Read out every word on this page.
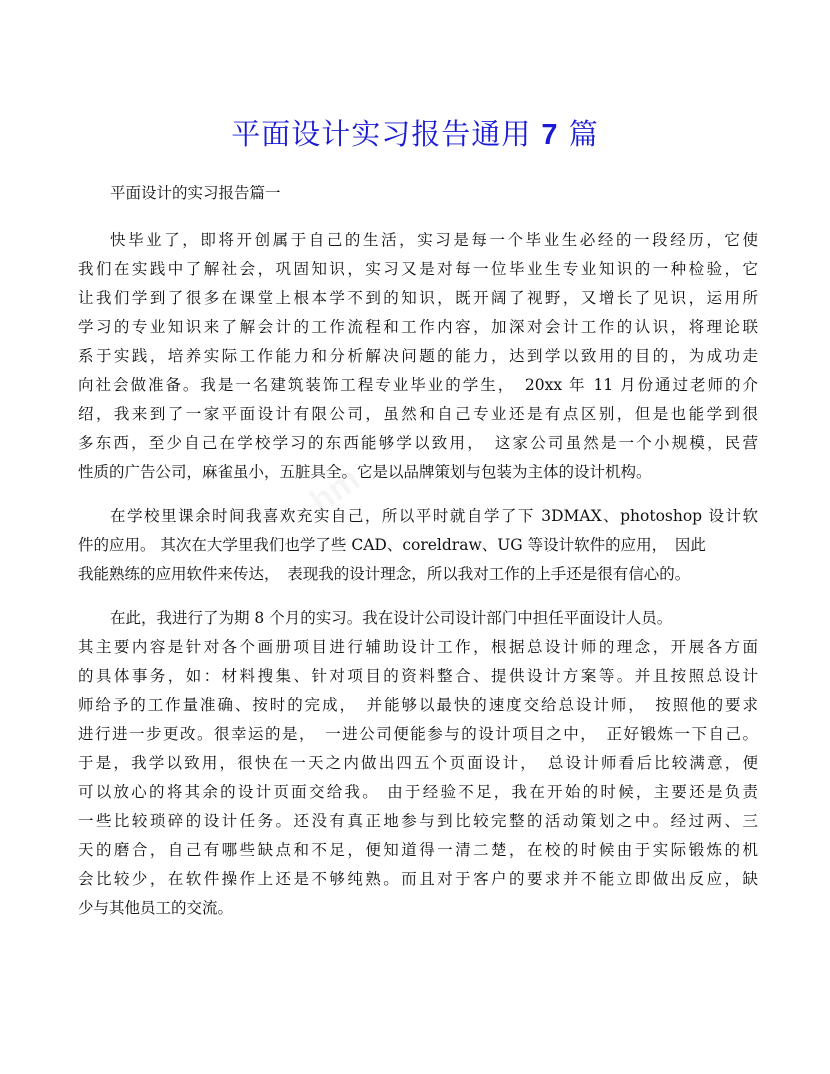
平面设计实习报告通用 7 篇
平面设计的实习报告篇一
快毕业了，即将开创属于自己的生活，实习是每一个毕业生必经的一段经历，它使
我们在实践中了解社会，巩固知识，实习又是对每一位毕业生专业知识的一种检验，它
让我们学到了很多在课堂上根本学不到的知识，既开阔了视野，又增长了见识，运用所
学习的专业知识来了解会计的工作流程和工作内容，加深对会计工作的认识，将理论联
系于实践，培养实际工作能力和分析解决问题的能力，达到学以致用的目的，为成功走
向社会做准备。我是一名建筑装饰工程专业毕业的学生，　20xx 年 11 月份通过老师的介
绍，我来到了一家平面设计有限公司，虽然和自己专业还是有点区别，但是也能学到很
多东西，至少自己在学校学习的东西能够学以致用，　这家公司虽然是一个小规模，民营
性质的广告公司，麻雀虽小，五脏具全。它是以品牌策划与包装为主体的设计机构。
在学校里课余时间我喜欢充实自己，所以平时就自学了下 3DMAX、photoshop 设计软
件的应用。 其次在大学里我们也学了些 CAD、coreldraw、UG 等设计软件的应用，　因此
我能熟练的应用软件来传达，　表现我的设计理念，所以我对工作的上手还是很有信心的。
在此，我进行了为期 8 个月的实习。我在设计公司设计部门中担任平面设计人员。
其主要内容是针对各个画册项目进行辅助设计工作，根据总设计师的理念，开展各方面
的具体事务，如：材料搜集、针对项目的资料整合、提供设计方案等。并且按照总设计
师给予的工作量准确、按时的完成，　并能够以最快的速度交给总设计师，　按照他的要求
进行进一步更改。很幸运的是，　一进公司便能参与的设计项目之中，　正好锻炼一下自己。
于是，我学以致用，很快在一天之内做出四五个页面设计，　总设计师看后比较满意，便
可以放心的将其余的设计页面交给我。 由于经验不足，我在开始的时候，主要还是负责
一些比较琐碎的设计任务。还没有真正地参与到比较完整的活动策划之中。经过两、三
天的磨合，自己有哪些缺点和不足，便知道得一清二楚，在校的时候由于实际锻炼的机
会比较少，在软件操作上还是不够纯熟。而且对于客户的要求并不能立即做出反应，缺
少与其他员工的交流。
